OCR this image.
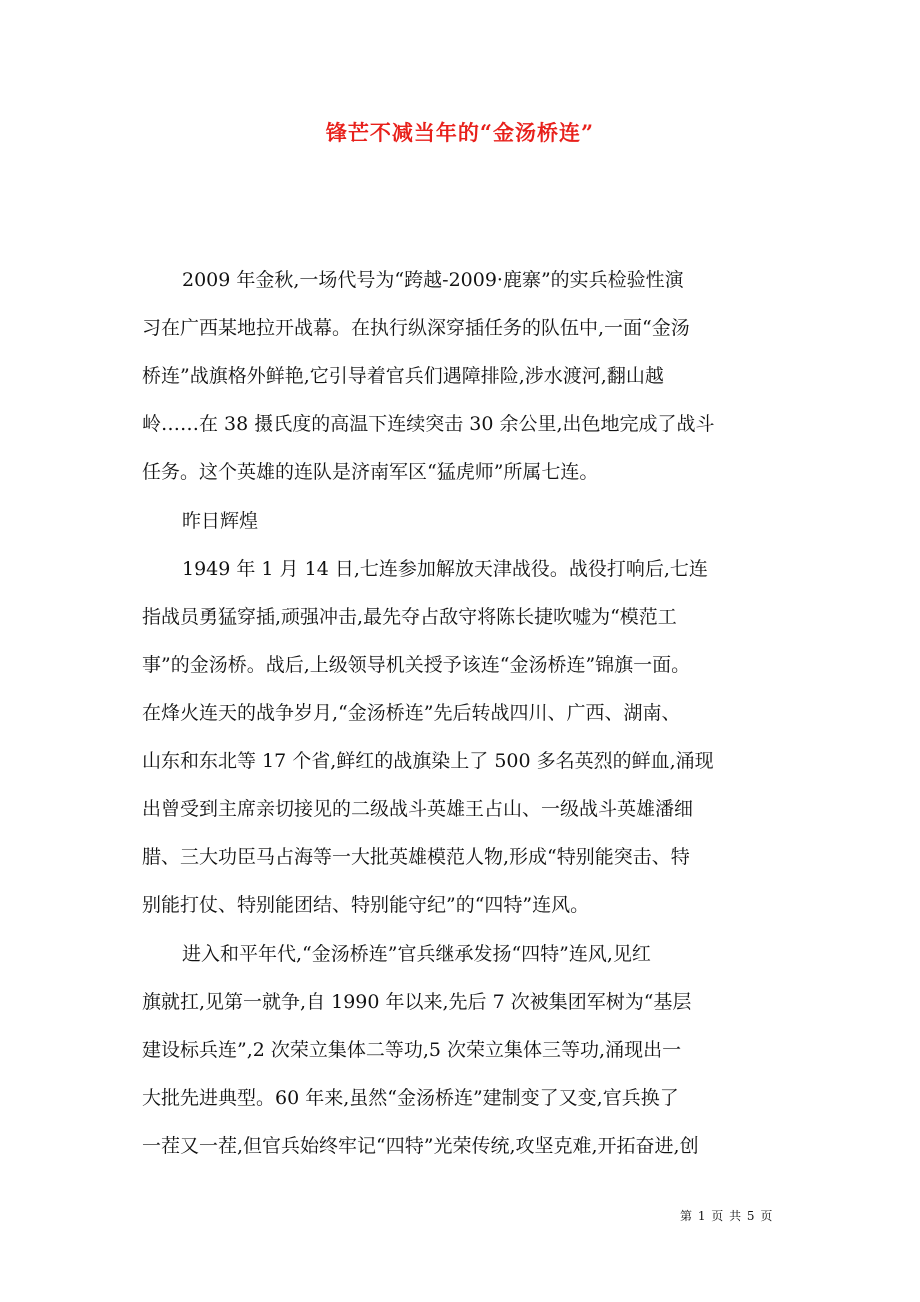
锋芒不减当年的“金汤桥连”
2009 年金秋,一场代号为“跨越-2009·鹿寨”的实兵检验性演
习在广西某地拉开战幕。在执行纵深穿插任务的队伍中,一面“金汤
桥连”战旗格外鲜艳,它引导着官兵们遇障排险,涉水渡河,翻山越
岭……在 38 摄氏度的高温下连续突击 30 余公里,出色地完成了战斗
任务。这个英雄的连队是济南军区“猛虎师”所属七连。
昨日辉煌
1949 年 1 月 14 日,七连参加解放天津战役。战役打响后,七连
指战员勇猛穿插,顽强冲击,最先夺占敌守将陈长捷吹嘘为“模范工
事”的金汤桥。战后,上级领导机关授予该连“金汤桥连”锦旗一面。
在烽火连天的战争岁月,“金汤桥连”先后转战四川、广西、湖南、
山东和东北等 17 个省,鲜红的战旗染上了 500 多名英烈的鲜血,涌现
出曾受到主席亲切接见的二级战斗英雄王占山、一级战斗英雄潘细
腊、三大功臣马占海等一大批英雄模范人物,形成“特别能突击、特
别能打仗、特别能团结、特别能守纪”的“四特”连风。
进入和平年代,“金汤桥连”官兵继承发扬“四特”连风,见红
旗就扛,见第一就争,自 1990 年以来,先后 7 次被集团军树为“基层
建设标兵连”,2 次荣立集体二等功,5 次荣立集体三等功,涌现出一
大批先进典型。60 年来,虽然“金汤桥连”建制变了又变,官兵换了
一茬又一茬,但官兵始终牢记“四特”光荣传统,攻坚克难,开拓奋进,创
第 1 页 共 5 页
